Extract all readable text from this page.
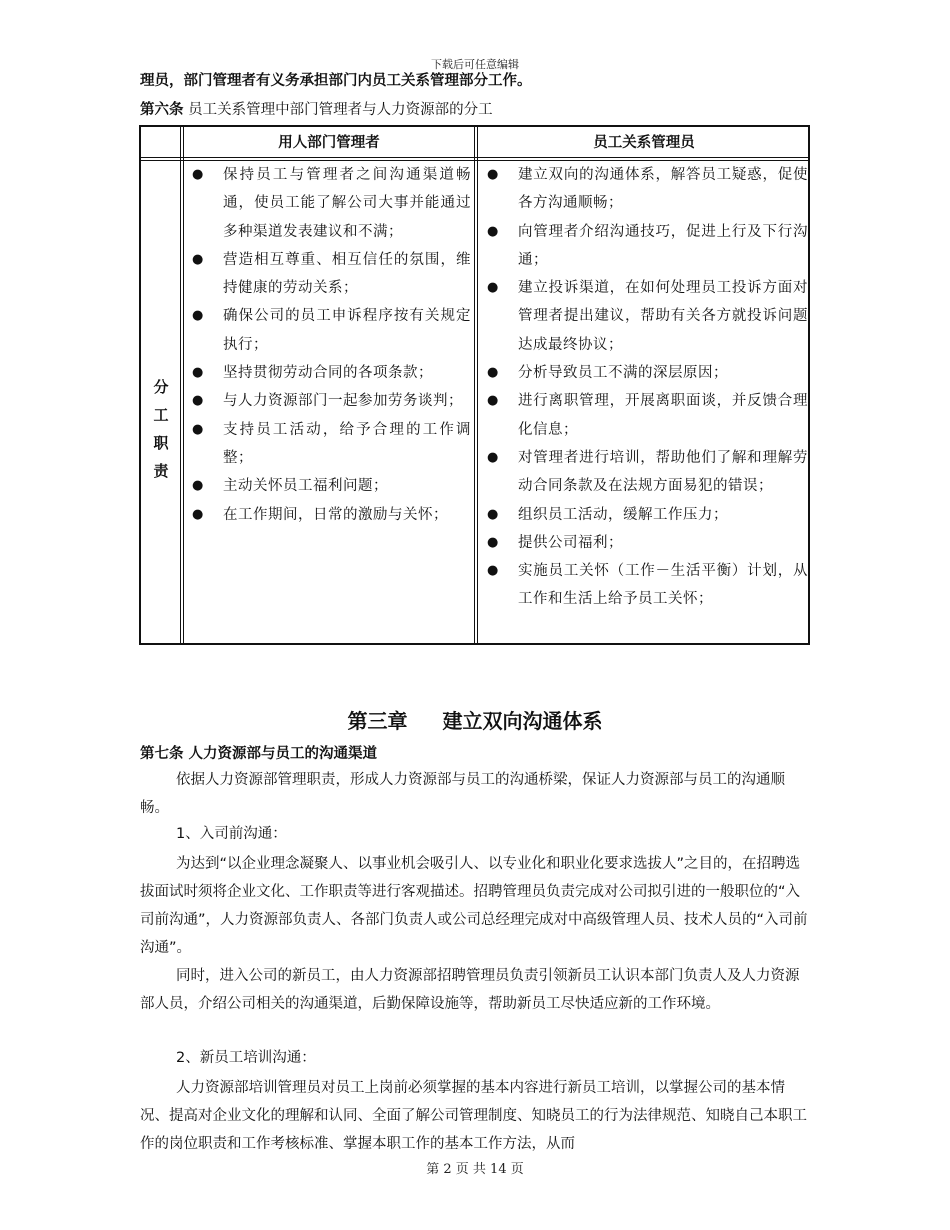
下载后可任意编辑
理员，部门管理者有义务承担部门内员工关系管理部分工作。
第六条 员工关系管理中部门管理者与人力资源部的分工
用人部门管理者	员工关系管理员
分
工
职
责
● 保持员工与管理者之间沟通渠道畅通，使员工能了解公司大事并能通过多种渠道发表建议和不满；
● 营造相互尊重、相互信任的氛围，维持健康的劳动关系；
● 确保公司的员工申诉程序按有关规定执行；
● 坚持贯彻劳动合同的各项条款；
● 与人力资源部门一起参加劳务谈判；
● 支持员工活动，给予合理的工作调整；
● 主动关怀员工福利问题；
● 在工作期间，日常的激励与关怀；
● 建立双向的沟通体系，解答员工疑惑，促使各方沟通顺畅；
● 向管理者介绍沟通技巧，促进上行及下行沟通；
● 建立投诉渠道，在如何处理员工投诉方面对管理者提出建议，帮助有关各方就投诉问题达成最终协议；
● 分析导致员工不满的深层原因；
● 进行离职管理，开展离职面谈，并反馈合理化信息；
● 对管理者进行培训，帮助他们了解和理解劳动合同条款及在法规方面易犯的错误；
● 组织员工活动，缓解工作压力；
● 提供公司福利；
● 实施员工关怀（工作－生活平衡）计划，从工作和生活上给予员工关怀；
第三章 建立双向沟通体系
第七条 人力资源部与员工的沟通渠道
依据人力资源部管理职责，形成人力资源部与员工的沟通桥梁，保证人力资源部与员工的沟通顺畅。
1、入司前沟通：
为达到“以企业理念凝聚人、以事业机会吸引人、以专业化和职业化要求选拔人”之目的，在招聘选拔面试时须将企业文化、工作职责等进行客观描述。招聘管理员负责完成对公司拟引进的一般职位的“入司前沟通”，人力资源部负责人、各部门负责人或公司总经理完成对中高级管理人员、技术人员的“入司前沟通”。
同时，进入公司的新员工，由人力资源部招聘管理员负责引领新员工认识本部门负责人及人力资源部人员，介绍公司相关的沟通渠道，后勤保障设施等，帮助新员工尽快适应新的工作环境。
2、新员工培训沟通：
人力资源部培训管理员对员工上岗前必须掌握的基本内容进行新员工培训，以掌握公司的基本情况、提高对企业文化的理解和认同、全面了解公司管理制度、知晓员工的行为法律规范、知晓自己本职工作的岗位职责和工作考核标准、掌握本职工作的基本工作方法，从而
第 2 页 共 14 页
